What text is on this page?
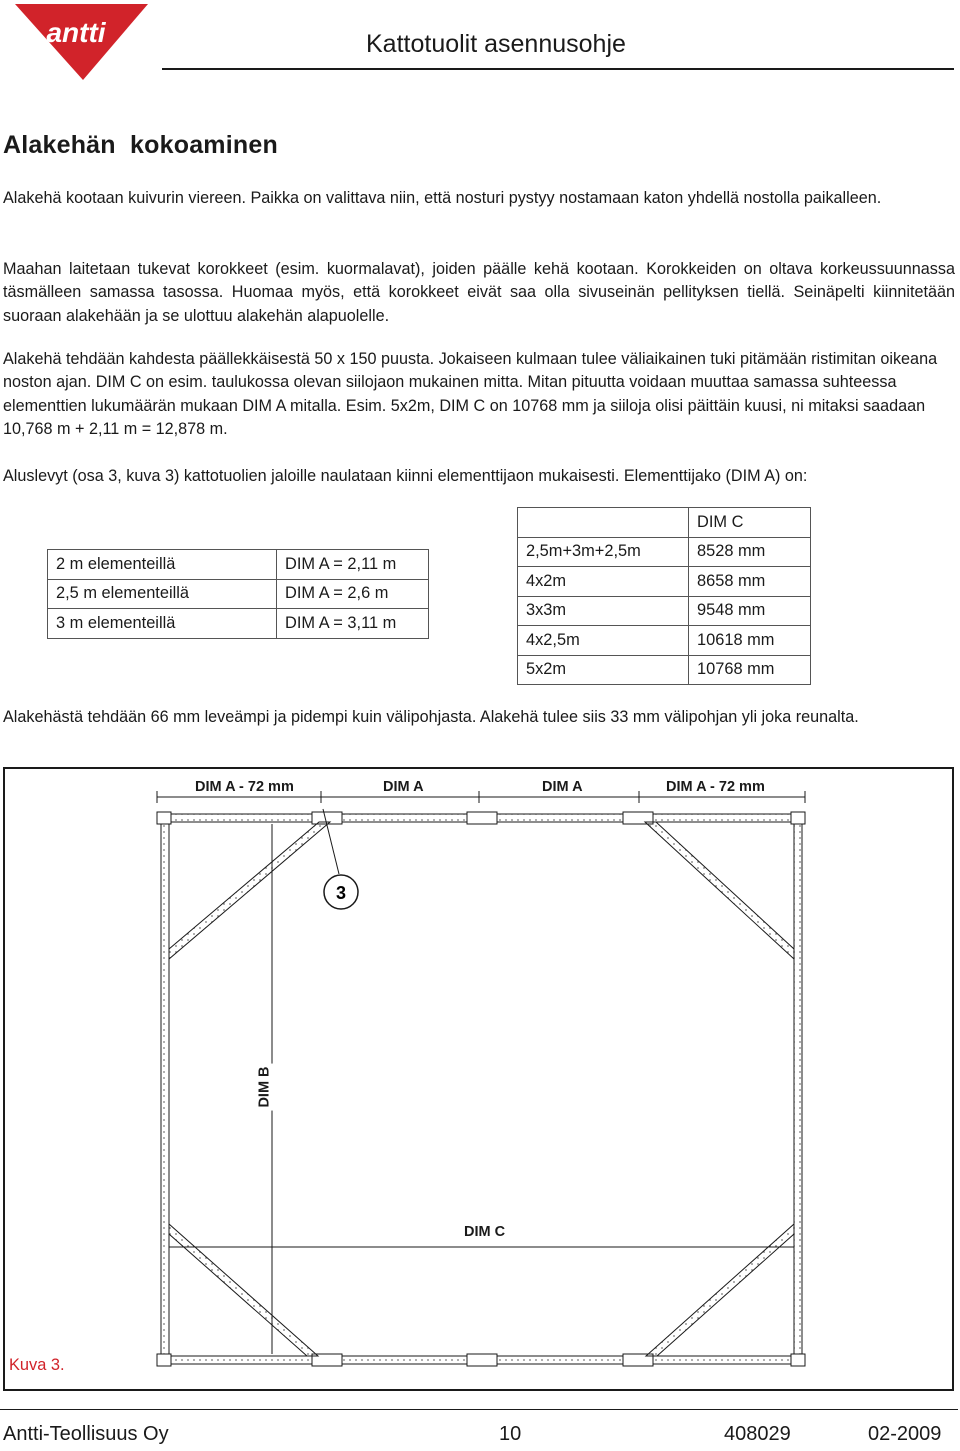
antti	Kattotuolit asennusohje
Alakehän  kokoaminen
Alakehä kootaan kuivurin viereen. Paikka on valittava niin, että nosturi pystyy nostamaan katon yhdellä nostolla paikalleen.
Maahan laitetaan tukevat korokkeet (esim. kuormalavat), joiden päälle kehä kootaan. Korokkeiden on oltava korkeussuunnassa täsmälleen samassa tasossa. Huomaa myös, että korokkeet eivät saa olla sivuseinän pellityksen tiellä. Seinäpelti kiinnitetään suoraan alakehään ja se ulottuu alakehän alapuolelle.
Alakehä tehdään kahdesta päällekkäisestä 50 x 150 puusta. Jokaiseen kulmaan tulee väliaikainen tuki pitämään ristimitan oikeana noston ajan. DIM C on esim. taulukossa olevan siilojaon mukainen mitta. Mitan pituutta voidaan muuttaa samassa suhteessa elementtien lukumäärän mukaan DIM A mitalla. Esim. 5x2m, DIM C on 10768 mm ja siiloja olisi päittäin kuusi, ni mitaksi saadaan 10,768 m + 2,11 m = 12,878 m.
Aluslevyt (osa 3, kuva 3) kattotuolien jaloille naulataan kiinni elementtijaon mukaisesti. Elementtijako (DIM A) on:
2 m elementeillä	DIM A = 2,11 m
2,5 m elementeillä	DIM A = 2,6 m
3 m elementeillä	DIM A = 3,11 m
	DIM C
2,5m+3m+2,5m	8528 mm
4x2m	8658 mm
3x3m	9548 mm
4x2,5m	10618 mm
5x2m	10768 mm
Alakehästä tehdään 66 mm leveämpi ja pidempi kuin välipohjasta. Alakehä tulee siis 33 mm välipohjan yli joka reunalta.
3
DIM A - 72 mm	DIM A	DIM A	DIM A - 72 mm
DIM B
DIM C
Kuva 3.
Antti-Teollisuus Oy	10	408029	02-2009
